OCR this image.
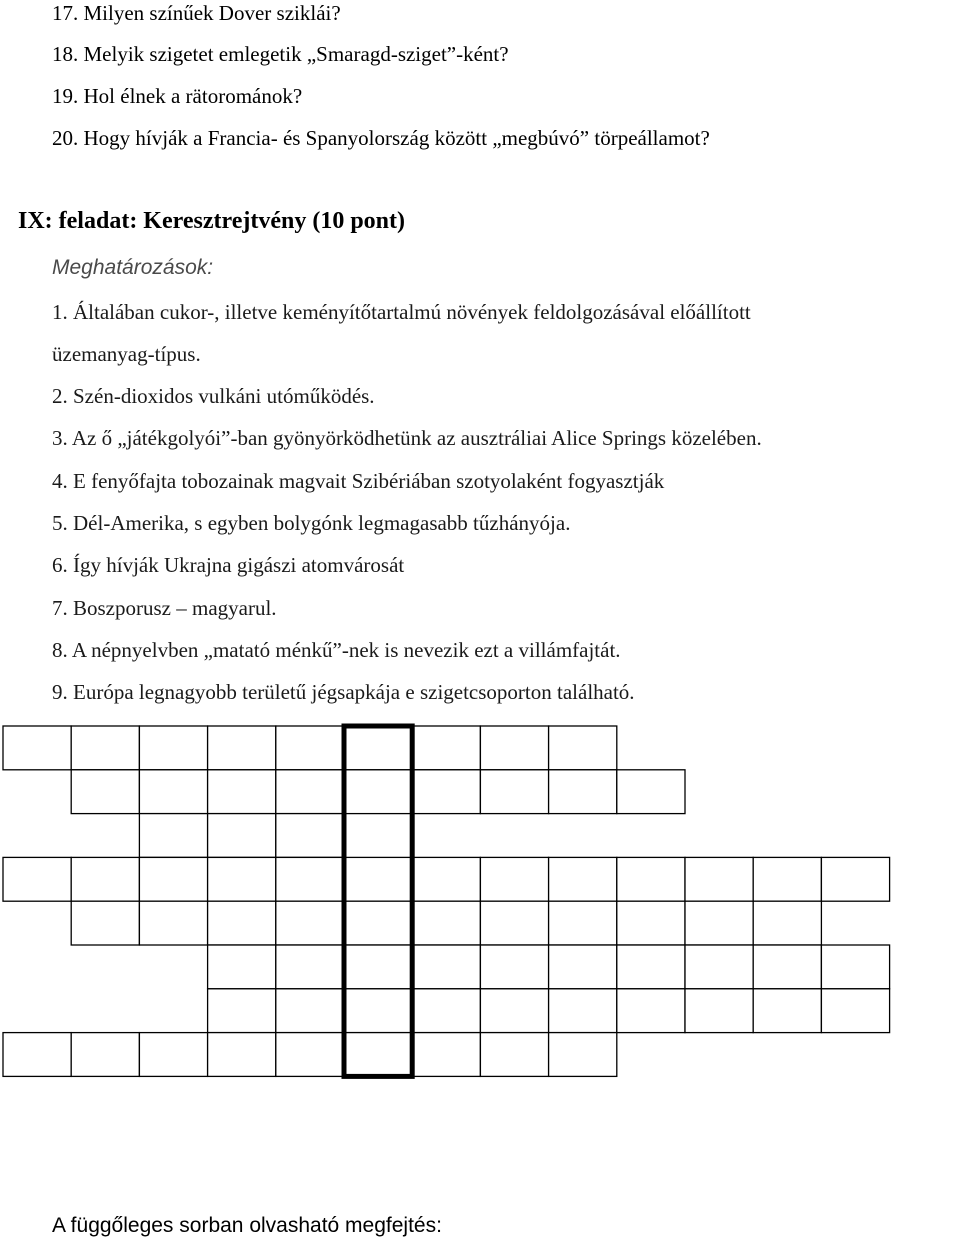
17. Milyen színűek Dover sziklái?
18. Melyik szigetet emlegetik „Smaragd-sziget”-ként?
19. Hol élnek a rätorománok?
20. Hogy hívják a Francia- és Spanyolország között „megbúvó” törpeállamot?
IX: feladat: Keresztrejtvény (10 pont)
Meghatározások:
1. Általában cukor-, illetve keményítőtartalmú növények feldolgozásával előállított
üzemanyag-típus.
2. Szén-dioxidos vulkáni utóműködés.
3. Az ő „játékgolyói”-ban gyönyörködhetünk az ausztráliai Alice Springs közelében.
4. E fenyőfajta tobozainak magvait Szibériában szotyolaként fogyasztják
5. Dél-Amerika, s egyben bolygónk legmagasabb tűzhányója.
6. Így hívják Ukrajna gigászi atomvárosát
7. Boszporusz – magyarul.
8. A népnyelvben „matató ménkű”-nek is nevezik ezt a villámfajtát.
9. Európa legnagyobb területű jégsapkája e szigetcsoporton található.
A függőleges sorban olvasható megfejtés:
